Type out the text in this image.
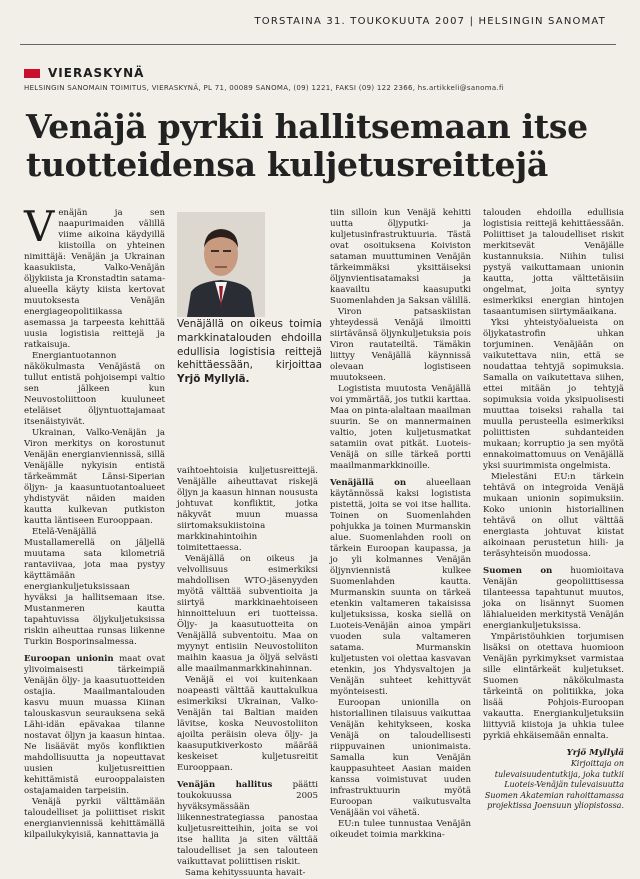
TORSTAINA 31. TOUKOKUUTA 2007 | HELSINGIN SANOMAT
VIERASKYNÄ
HELSINGIN SANOMAIN TOIMITUS, VIERASKYNÄ, PL 71, 00089 SANOMA, (09) 1221, FAKSI (09) 122 2366, hs.artikkeli@sanoma.fi
Venäjä pyrkii hallitsemaan itse
tuotteidensa kuljetusreittejä

Venäjän ja sen naapurimaiden välillä viime aikoina käydyillä kiistoilla on yhteinen nimittäjä: Venäjän ja Ukrainan kaasukiista, Valko-Venäjän öljykiista ja Kronstadtin satama-alueella käyty kiista kertovat muutoksesta Venäjän energiageopolitiikassa asemassa ja tarpeesta kehittää uusia logistisia reittejä ja ratkaisuja.

Energiantuotannon näkökulmasta Venäjästä on tullut entistä pohjoisempi valtio sen jälkeen kun Neuvostoliittoon kuuluneet eteläiset öljyntuottajamaat itsenäistyivät.

Ukrainan, Valko-Venäjän ja Viron merkitys on korostunut Venäjän energianviennissä, sillä Venäjälle nykyisin entistä tärkeämmät Länsi-Siperian öljyn- ja kaasuntuotantoalueet yhdistyvät näiden maiden kautta kulkevan putkiston kautta läntiseen Eurooppaan.

Etelä-Venäjällä Mustallamerellä on jäljellä muutama sata kilometriä rantaviivaa, jota maa pystyy käyttämään energiankuljetuksissaan hyväksi ja hallitsemaan itse. Mustanmeren kautta tapahtuvissa öljykuljetuksissa riskin aiheuttaa runsas liikenne Turkin Bosporinsalmessa.

Euroopan unionin maat ovat ylivoimaisesti tärkeimpiä Venäjän öljy- ja kaasutuotteiden ostajia. Maailmantalouden kasvu muun muassa Kiinan talouskasvun seurauksena sekä Lähi-idän epävakaa tilanne nostavat öljyn ja kaasun hintaa. Ne lisäävät myös konfliktien mahdollisuutta ja nopeuttavat uusien kuljetusreittien kehittämistä eurooppalaisten ostajamaiden tarpeisiin.

Venäjä pyrkii välttämään taloudelliset ja poliittiset riskit energianviennissä kehittämällä kilpailukykyisiä, kannattavia ja

Venäjällä on oikeus toimia markkinatalouden ehdoilla edullisia logistisia reittejä kehittäessään, kirjoittaa Yrjö Myllylä.

vaihtoehtoisia kuljetusreittejä. Venäjälle aiheuttavat riskejä öljyn ja kaasun hinnan noususta johtuvat konfliktit, jotka näkyvät muun muassa siirtomaksukiistoina markkinahintoihin toimitettaessa.

Venäjällä on oikeus ja velvollisuus esimerkiksi mahdollisen WTO-jäsenyyden myötä välttää subventioita ja siirtyä markkinaehtoiseen hinnoitteluun eri tuotteissa. Öljy- ja kaasutuotteita on Venäjällä subventoitu. Maa on myynyt entisiin Neuvostoliiton maihin kaasua ja öljyä selvästi alle maailmanmarkkinahinnan.

Venäjä ei voi kuitenkaan noapeasti välttää kauttakulkua esimerkiksi Ukrainan, Valko-Venäjän tai Baltian maiden lävitse, koska Neuvostoliiton ajoilta peräisin oleva öljy- ja kaasuputkiverkosto määrää keskeiset kuljetusreitit Eurooppaan.

Venäjän hallitus päätti toukokuussa 2005 hyväksymässään liikennestrategiassa panostaa kuljetusreitteihin, joita se voi itse hallita ja siten välttää taloudelliset ja sen talouteen vaikuttavat poliittisen riskit.

Sama kehityssuunta havait-

tiin silloin kun Venäjä kehitti uutta öljyputki- ja kuljetusinfrastruktuuria. Tästä ovat osoituksena Koiviston sataman muuttuminen Venäjän tärkeimmäksi yksittäiseksi öljynvientisatamaksi ja kaavailtu kaasuputki Suomenlahden ja Saksan välillä.

Viron patsaskiistan yhteydessä Venäjä ilmoitti siirtävänsä öljynkuljetuksia pois Viron rautateiltä. Tämäkin liittyy Venäjällä käynnissä olevaan logistiseen muutokseen.

Logistista muutosta Venäjällä voi ymmärtää, jos tutkii karttaa. Maa on pinta-alaltaan maailman suurin. Se on mannermainen valtio, joten kuljetusmatkat satamiin ovat pitkät. Luoteis-Venäjä on sille tärkeä portti maailmanmarkkinoille.

Venäjällä on alueellaan käytännössä kaksi logistista pistettä, joita se voi itse hallita. Toinen on Suomenlahden pohjukka ja toinen Murmanskin alue. Suomenlahden rooli on tärkein Euroopan kaupassa, ja jo yli kolmannes Venäjän öljynviennistä kulkee Suomenlahden kautta. Murmanskin suunta on tärkeä etenkin valtameren takaisissa kuljetuksissa, koska siellä on Luoteis-Venäjän ainoa ympäri vuoden sula valtameren satama. Murmanskin kuljetusten voi olettaa kasvavan etenkin, jos Yhdysvaltojen ja Venäjän suhteet kehittyvät myönteisesti.

Euroopan unionilla on historiallinen tilaisuus vaikuttaa Venäjän kehitykseen, koska Venäjä on taloudellisesti riippuvainen unionimaista. Samalla kun Venäjän kauppasuhteet Aasian maiden kanssa voimistuvat uuden infrastruktuurin myötä Euroopan vaikutusvalta Venäjään voi vähetä.

EU:n tulee tunnustaa Venäjän oikeudet toimia markkina-

talouden ehdoilla edullisia logistisia reittejä kehittäessään. Poliittiset ja taloudelliset riskit merkitsevät Venäjälle kustannuksia. Niihin tulisi pystyä vaikuttamaan unionin kautta, jotta välttetäisiin ongelmat, joita syntyy esimerkiksi energian hintojen tasaantumisen siirtymäaikana.

Yksi yhteistyöalueista on öljykatastrofin uhkan torjuminen. Venäjään on vaikutettava niin, että se noudattaa tehtyjä sopimuksia. Samalla on vaikutettava siihen, ettei mitään jo tehtyjä sopimuksia voida yksipuolisesti muuttaa toiseksi rahalla tai muulla perusteella esimerkiksi poliittisten suhdanteiden mukaan; korruptio ja sen myötä ennakoimattomuus on Venäjällä yksi suurimmista ongelmista.

Mielestäni EU:n tärkein tehtävä on integroida Venäjä mukaan unionin sopimuksiin. Koko unionin historiallinen tehtävä on ollut välttää energiasta johtuvat kiistat aikoinaan perustetun hiili- ja teräsyhteisön muodossa.

Suomen on huomioitava Venäjän geopoliittisessa tilanteessa tapahtunut muutos, joka on lisännyt Suomen lähialueiden merkitystä Venäjän energiankuljetuksissa.

Ympäristöuhkien torjumisen lisäksi on otettava huomioon Venäjän pyrkimykset varmistaa sille elintärkeät kuljetukset. Suomen näkökulmasta tärkeintä on politiikka, joka lisää Pohjois-Euroopan vakautta. Energiankuljetuksiin liittyviä kiistoja ja uhkia tulee pyrkiä ehkäisemään ennalta.

Yrjö Myllylä
Kirjoittaja on tulevaisuudentutkija, joka tutkii Luoteis-Venäjän tulevaisuutta Suomen Akatemian rahoittamassa projektissa Joensuun yliopistossa.
